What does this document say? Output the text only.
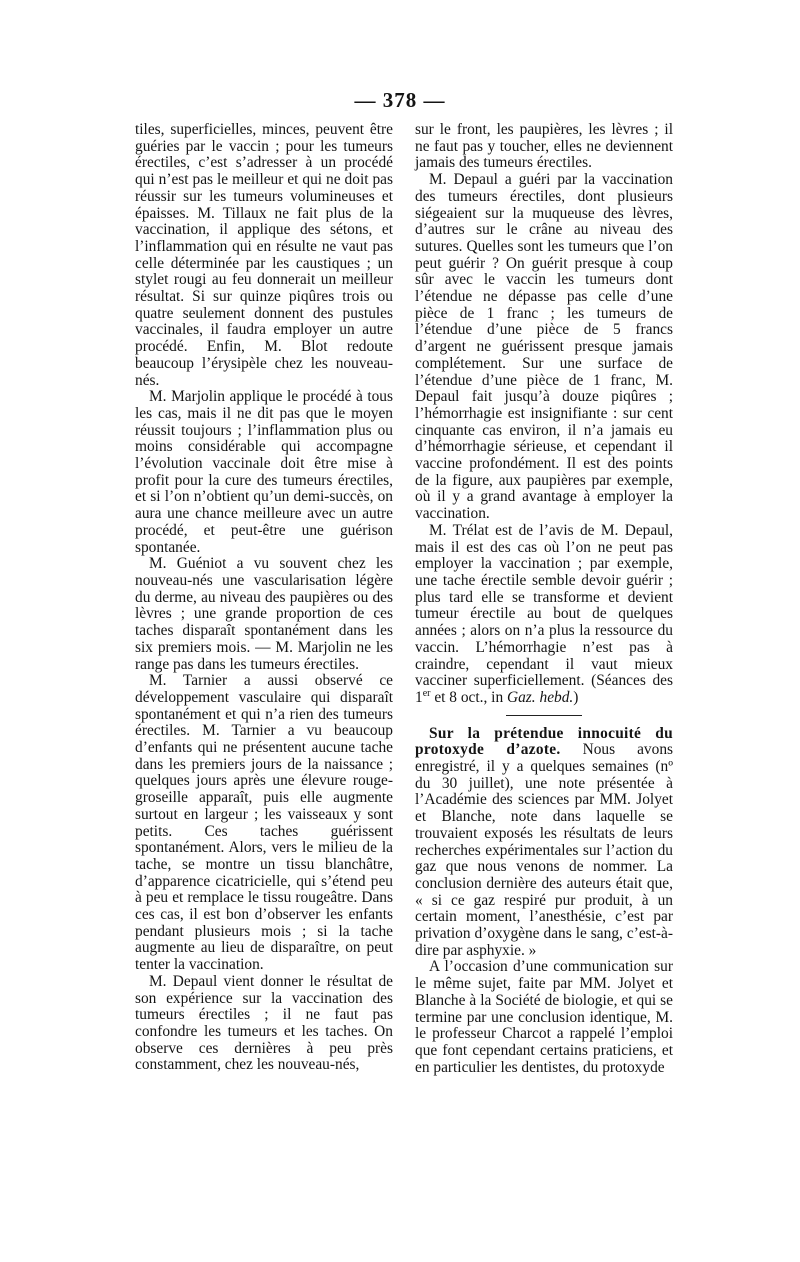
— 378 —

tiles, superficielles, minces, peuvent être guéries par le vaccin ; pour les tumeurs érectiles, c’est s’adresser à un procédé qui n’est pas le meilleur et qui ne doit pas réussir sur les tumeurs volumineuses et épaisses. M. Tillaux ne fait plus de la vaccination, il applique des sétons, et l’inflammation qui en résulte ne vaut pas celle déterminée par les caustiques ; un stylet rougi au feu donnerait un meilleur résultat. Si sur quinze piqûres trois ou quatre seulement donnent des pustules vaccinales, il faudra employer un autre procédé. Enfin, M. Blot redoute beaucoup l’érysipèle chez les nouveau-nés.

M. Marjolin applique le procédé à tous les cas, mais il ne dit pas que le moyen réussit toujours ; l’inflammation plus ou moins considérable qui accompagne l’évolution vaccinale doit être mise à profit pour la cure des tumeurs érectiles, et si l’on n’obtient qu’un demi-succès, on aura une chance meilleure avec un autre procédé, et peut-être une guérison spontanée.

M. Guéniot a vu souvent chez les nouveau-nés une vascularisation légère du derme, au niveau des paupières ou des lèvres ; une grande proportion de ces taches disparaît spontanément dans les six premiers mois. — M. Marjolin ne les range pas dans les tumeurs érectiles.

M. Tarnier a aussi observé ce développement vasculaire qui disparaît spontanément et qui n’a rien des tumeurs érectiles. M. Tarnier a vu beaucoup d’enfants qui ne présentent aucune tache dans les premiers jours de la naissance ; quelques jours après une élevure rouge-groseille apparaît, puis elle augmente surtout en largeur ; les vaisseaux y sont petits. Ces taches guérissent spontanément. Alors, vers le milieu de la tache, se montre un tissu blanchâtre, d’apparence cicatricielle, qui s’étend peu à peu et remplace le tissu rougeâtre. Dans ces cas, il est bon d’observer les enfants pendant plusieurs mois ; si la tache augmente au lieu de disparaître, on peut tenter la vaccination.

M. Depaul vient donner le résultat de son expérience sur la vaccination des tumeurs érectiles ; il ne faut pas confondre les tumeurs et les taches. On observe ces dernières à peu près constamment, chez les nouveau-nés,

sur le front, les paupières, les lèvres ; il ne faut pas y toucher, elles ne deviennent jamais des tumeurs érectiles.

M. Depaul a guéri par la vaccination des tumeurs érectiles, dont plusieurs siégeaient sur la muqueuse des lèvres, d’autres sur le crâne au niveau des sutures. Quelles sont les tumeurs que l’on peut guérir ? On guérit presque à coup sûr avec le vaccin les tumeurs dont l’étendue ne dépasse pas celle d’une pièce de 1 franc ; les tumeurs de l’étendue d’une pièce de 5 francs d’argent ne guérissent presque jamais complétement. Sur une surface de l’étendue d’une pièce de 1 franc, M. Depaul fait jusqu’à douze piqûres ; l’hémorrhagie est insignifiante : sur cent cinquante cas environ, il n’a jamais eu d’hémorrhagie sérieuse, et cependant il vaccine profondément. Il est des points de la figure, aux paupières par exemple, où il y a grand avantage à employer la vaccination.

M. Trélat est de l’avis de M. Depaul, mais il est des cas où l’on ne peut pas employer la vaccination ; par exemple, une tache érectile semble devoir guérir ; plus tard elle se transforme et devient tumeur érectile au bout de quelques années ; alors on n’a plus la ressource du vaccin. L’hémorrhagie n’est pas à craindre, cependant il vaut mieux vacciner superficiellement. (Séances des 1er et 8 oct., in Gaz. hebd.)

Sur la prétendue innocuité du protoxyde d’azote. Nous avons enregistré, il y a quelques semaines (nº du 30 juillet), une note présentée à l’Académie des sciences par MM. Jolyet et Blanche, note dans laquelle se trouvaient exposés les résultats de leurs recherches expérimentales sur l’action du gaz que nous venons de nommer. La conclusion dernière des auteurs était que, « si ce gaz respiré pur produit, à un certain moment, l’anesthésie, c’est par privation d’oxygène dans le sang, c’est-à-dire par asphyxie. »

A l’occasion d’une communication sur le même sujet, faite par MM. Jolyet et Blanche à la Société de biologie, et qui se termine par une conclusion identique, M. le professeur Charcot a rappelé l’emploi que font cependant certains praticiens, et en particulier les dentistes, du protoxyde
